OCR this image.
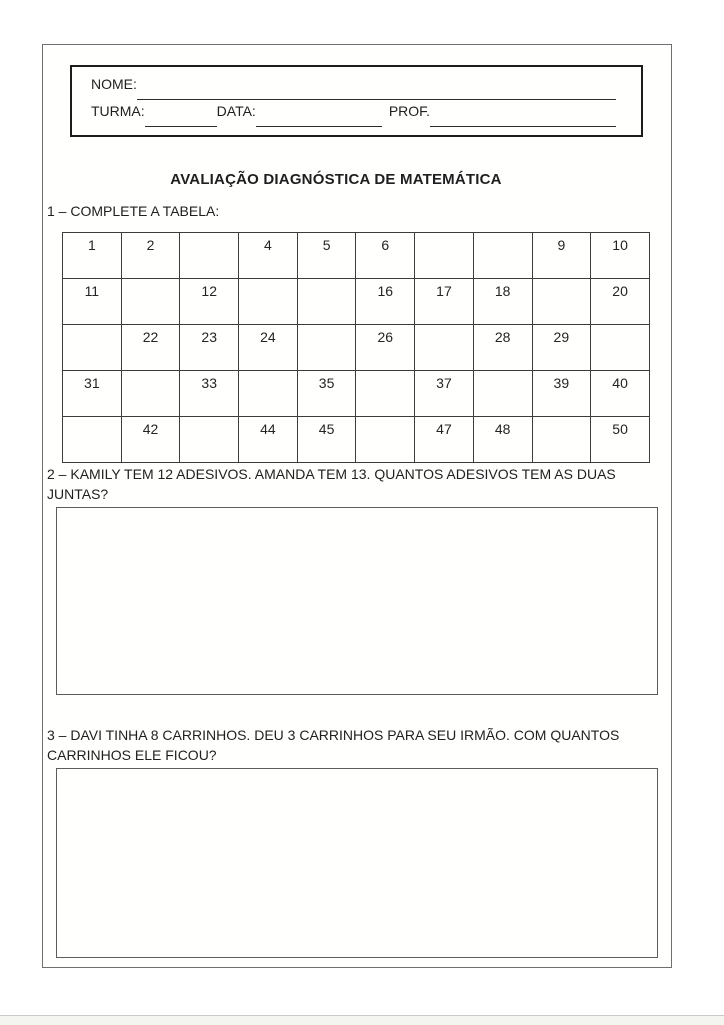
NOME:
TURMA:	DATA:	PROF.
AVALIAÇÃO DIAGNÓSTICA DE MATEMÁTICA
1 – COMPLETE A TABELA:
1	2		4	5	6			9	10
11		12			16	17	18		20
	22	23	24		26		28	29	
31		33		35		37		39	40
	42		44	45		47	48		50
2 – KAMILY TEM 12 ADESIVOS. AMANDA TEM 13. QUANTOS ADESIVOS TEM AS DUAS
JUNTAS?
3 – DAVI TINHA 8 CARRINHOS. DEU 3 CARRINHOS PARA SEU IRMÃO. COM QUANTOS
CARRINHOS ELE FICOU?
